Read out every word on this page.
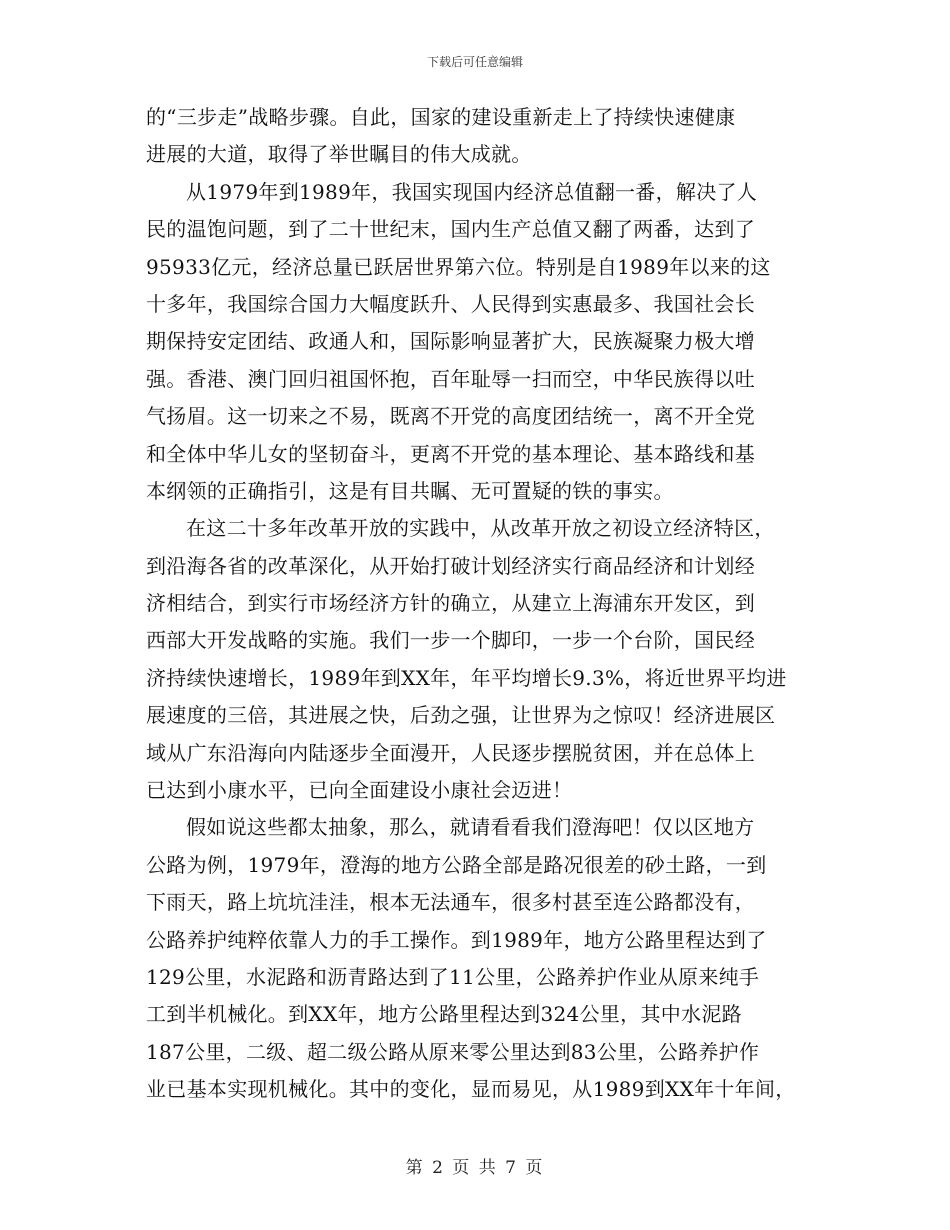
下载后可任意编辑
的“三步走”战略步骤。自此，国家的建设重新走上了持续快速健康
进展的大道，取得了举世瞩目的伟大成就。
从1979年到1989年，我国实现国内经济总值翻一番，解决了人
民的温饱问题，到了二十世纪末，国内生产总值又翻了两番，达到了
95933亿元，经济总量已跃居世界第六位。特别是自1989年以来的这
十多年，我国综合国力大幅度跃升、人民得到实惠最多、我国社会长
期保持安定团结、政通人和，国际影响显著扩大，民族凝聚力极大增
强。香港、澳门回归祖国怀抱，百年耻辱一扫而空，中华民族得以吐
气扬眉。这一切来之不易，既离不开党的高度团结统一，离不开全党
和全体中华儿女的坚韧奋斗，更离不开党的基本理论、基本路线和基
本纲领的正确指引，这是有目共瞩、无可置疑的铁的事实。
在这二十多年改革开放的实践中，从改革开放之初设立经济特区，
到沿海各省的改革深化，从开始打破计划经济实行商品经济和计划经
济相结合，到实行市场经济方针的确立，从建立上海浦东开发区，到
西部大开发战略的实施。我们一步一个脚印，一步一个台阶，国民经
济持续快速增长，1989年到XX年，年平均增长9.3%，将近世界平均进
展速度的三倍，其进展之快，后劲之强，让世界为之惊叹！经济进展区
域从广东沿海向内陆逐步全面漫开，人民逐步摆脱贫困，并在总体上
已达到小康水平，已向全面建设小康社会迈进！
假如说这些都太抽象，那么，就请看看我们澄海吧！仅以区地方
公路为例，1979年，澄海的地方公路全部是路况很差的砂土路，一到
下雨天，路上坑坑洼洼，根本无法通车，很多村甚至连公路都没有，
公路养护纯粹依靠人力的手工操作。到1989年，地方公路里程达到了
129公里，水泥路和沥青路达到了11公里，公路养护作业从原来纯手
工到半机械化。到XX年，地方公路里程达到324公里，其中水泥路
187公里，二级、超二级公路从原来零公里达到83公里，公路养护作
业已基本实现机械化。其中的变化，显而易见，从1989到XX年十年间，
第 2 页 共 7 页
